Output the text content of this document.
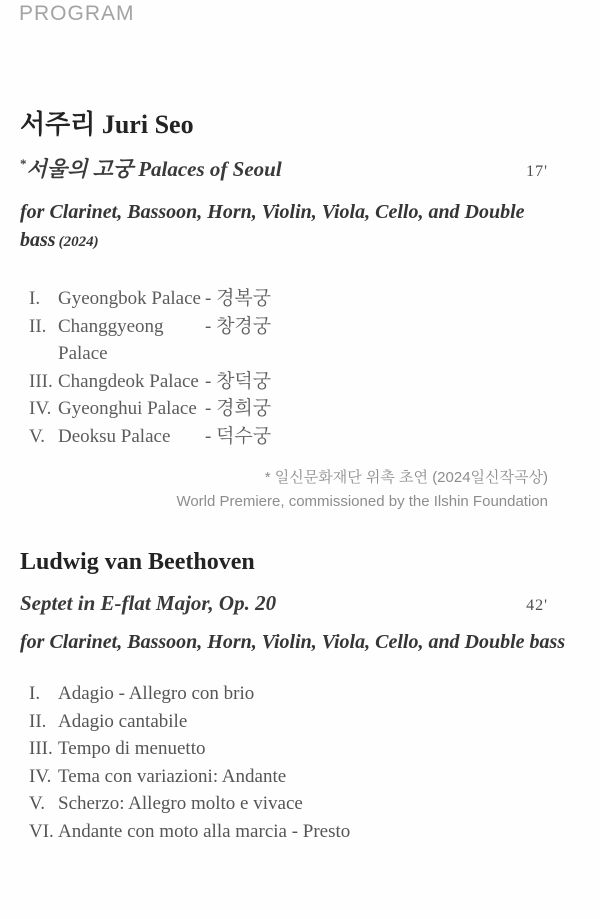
PROGRAM
서주리 Juri Seo
*서울의 고궁 Palaces of Seoul	17'
for Clarinet, Bassoon, Horn, Violin, Viola, Cello, and Double bass (2024)
I. Gyeongbok Palace - 경복궁
II. Changgyeong Palace
- 창경궁
III. Changdeok Palace - 창덕궁
IV. Gyeonghui Palace - 경희궁
V. Deoksu Palace - 덕수궁
* 일신문화재단 위촉 초연 (2024일신작곡상)
World Premiere, commissioned by the Ilshin Foundation
Ludwig van Beethoven
Septet in E-flat Major, Op. 20	42'
for Clarinet, Bassoon, Horn, Violin, Viola, Cello, and Double bass
I. Adagio - Allegro con brio
II. Adagio cantabile
III. Tempo di menuetto
IV. Tema con variazioni: Andante
V. Scherzo: Allegro molto e vivace
VI. Andante con moto alla marcia - Presto
